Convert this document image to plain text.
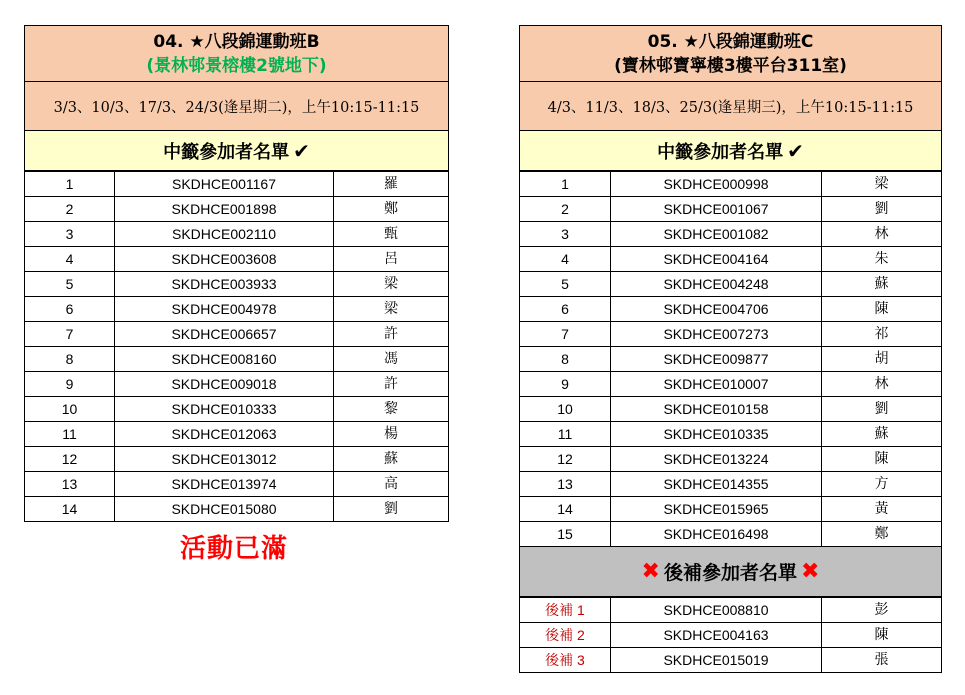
04. ★八段錦運動班B
(景林邨景榕樓2號地下)
3/3、10/3、17/3、24/3(逢星期二)，上午10:15-11:15
中籤參加者名單 ✔
1	SKDHCE001167	羅
2	SKDHCE001898	鄭
3	SKDHCE002110	甄
4	SKDHCE003608	呂
5	SKDHCE003933	梁
6	SKDHCE004978	梁
7	SKDHCE006657	許
8	SKDHCE008160	馮
9	SKDHCE009018	許
10	SKDHCE010333	黎
11	SKDHCE012063	楊
12	SKDHCE013012	蘇
13	SKDHCE013974	高
14	SKDHCE015080	劉
活動已滿
05. ★八段錦運動班C
(寶林邨寶寧樓3樓平台311室)
4/3、11/3、18/3、25/3(逢星期三)，上午10:15-11:15
中籤參加者名單 ✔
1	SKDHCE000998	梁
2	SKDHCE001067	劉
3	SKDHCE001082	林
4	SKDHCE004164	朱
5	SKDHCE004248	蘇
6	SKDHCE004706	陳
7	SKDHCE007273	祁
8	SKDHCE009877	胡
9	SKDHCE010007	林
10	SKDHCE010158	劉
11	SKDHCE010335	蘇
12	SKDHCE013224	陳
13	SKDHCE014355	方
14	SKDHCE015965	黃
15	SKDHCE016498	鄭
✖ 後補參加者名單 ✖
後補 1	SKDHCE008810	彭
後補 2	SKDHCE004163	陳
後補 3	SKDHCE015019	張
